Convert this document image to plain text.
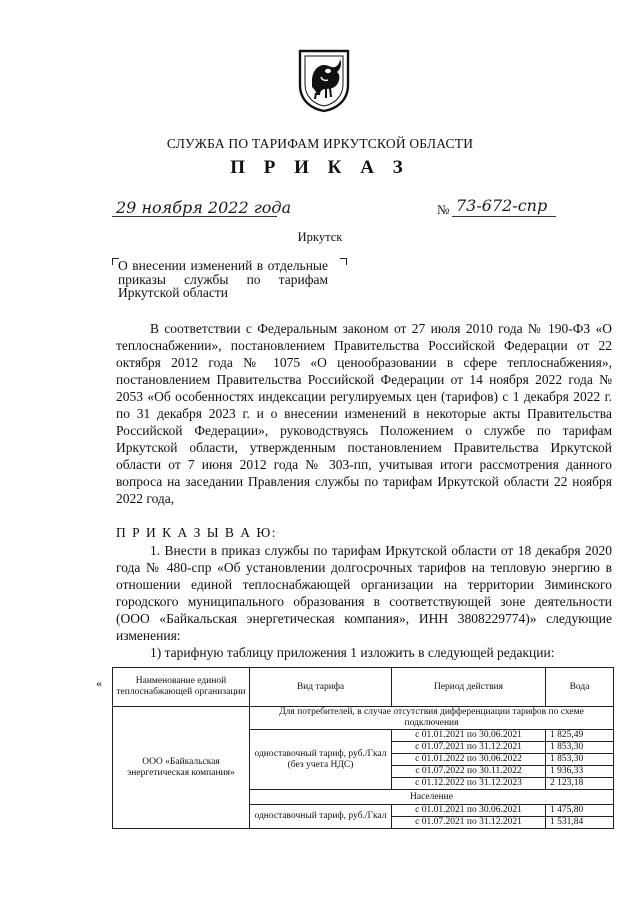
СЛУЖБА ПО ТАРИФАМ ИРКУТСКОЙ ОБЛАСТИ
П Р И К А З
29 ноября 2022 года	№ 73-672-спр
Иркутск
О внесении изменений в отдельные приказы службы по тарифам Иркутской области
В соответствии с Федеральным законом от 27 июля 2010 года № 190-ФЗ «О теплоснабжении», постановлением Правительства Российской Федерации от 22 октября 2012 года № 1075 «О ценообразовании в сфере теплоснабжения», постановлением Правительства Российской Федерации от 14 ноября 2022 года № 2053 «Об особенностях индексации регулируемых цен (тарифов) с 1 декабря 2022 г. по 31 декабря 2023 г. и о внесении изменений в некоторые акты Правительства Российской Федерации», руководствуясь Положением о службе по тарифам Иркутской области, утвержденным постановлением Правительства Иркутской области от 7 июня 2012 года № 303-пп, учитывая итоги рассмотрения данного вопроса на заседании Правления службы по тарифам Иркутской области 22 ноября 2022 года,
П Р И К А З Ы В А Ю:
1. Внести в приказ службы по тарифам Иркутской области от 18 декабря 2020 года № 480-спр «Об установлении долгосрочных тарифов на тепловую энергию в отношении единой теплоснабжающей организации на территории Зиминского городского муниципального образования в соответствующей зоне деятельности (ООО «Байкальская энергетическая компания», ИНН 3808229774)» следующие изменения:
1) тарифную таблицу приложения 1 изложить в следующей редакции:
«	Наименование единой теплоснабжающей организации	Вид тарифа	Период действия	Вода
ООО «Байкальская энергетическая компания»	Для потребителей, в случае отсутствия дифференциации тарифов по схеме подключения		
	одноставочный тариф, руб./Гкал (без учета НДС)	с 01.01.2021 по 30.06.2021	1 825,49
		с 01.07.2021 по 31.12.2021	1 853,30
		с 01.01.2022 по 30.06.2022	1 853,30
		с 01.07.2022 по 30.11.2022	1 936,33
		с 01.12.2022 по 31.12.2023	2 123,18
	Население		
	одноставочный тариф, руб./Гкал	с 01.01.2021 по 30.06.2021	1 475,80
		с 01.07.2021 по 31.12.2021	1 531,84
